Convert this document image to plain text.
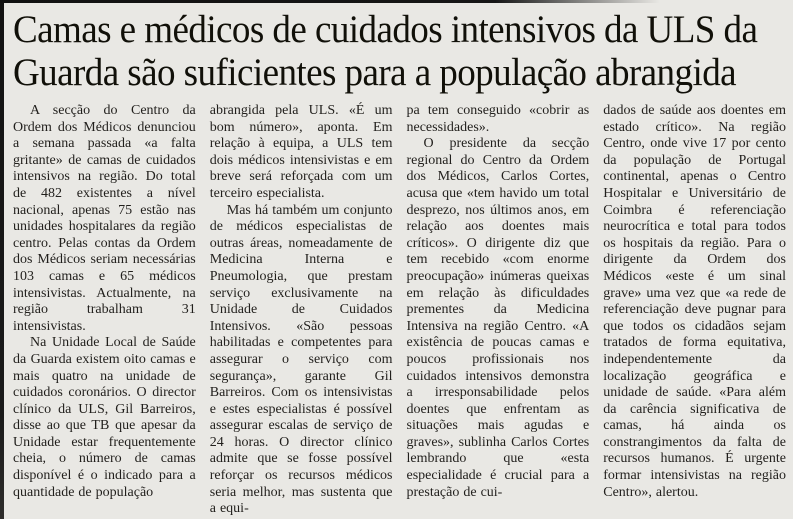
Camas e médicos de cuidados intensivos da ULS da
Guarda são suficientes para a população abrangida

A secção do Centro da Ordem dos Médicos denunciou a semana passada «a falta gritante» de camas de cuidados intensivos na região. Do total de 482 existentes a nível nacional, apenas 75 estão nas unidades hospitalares da região centro. Pelas contas da Ordem dos Médicos seriam necessárias 103 camas e 65 médicos intensivistas. Actualmente, na região trabalham 31 intensivistas.

Na Unidade Local de Saúde da Guarda existem oito camas e mais quatro na unidade de cuidados coronários. O director clínico da ULS, Gil Barreiros, disse ao que TB que apesar da Unidade estar frequentemente cheia, o número de camas disponível é o indicado para a quantidade de população

abrangida pela ULS. «É um bom número», aponta. Em relação à equipa, a ULS tem dois médicos intensivistas e em breve será reforçada com um terceiro especialista.

Mas há também um conjunto de médicos especialistas de outras áreas, nomeadamente de Medicina Interna e Pneumologia, que prestam serviço exclusivamente na Unidade de Cuidados Intensivos. «São pessoas habilitadas e competentes para assegurar o serviço com segurança», garante Gil Barreiros. Com os intensivistas e estes especialistas é possível assegurar escalas de serviço de 24 horas. O director clínico admite que se fosse possível reforçar os recursos médicos seria melhor, mas sustenta que a equi-

pa tem conseguido «cobrir as necessidades».

O presidente da secção regional do Centro da Ordem dos Médicos, Carlos Cortes, acusa que «tem havido um total desprezo, nos últimos anos, em relação aos doentes mais críticos». O dirigente diz que tem recebido «com enorme preocupação» inúmeras queixas em relação às dificuldades prementes da Medicina Intensiva na região Centro. «A existência de poucas camas e poucos profissionais nos cuidados intensivos demonstra a irresponsabilidade pelos doentes que enfrentam as situações mais agudas e graves», sublinha Carlos Cortes lembrando que «esta especialidade é crucial para a prestação de cui-

dados de saúde aos doentes em estado crítico». Na região Centro, onde vive 17 por cento da população de Portugal continental, apenas o Centro Hospitalar e Universitário de Coimbra é referenciação neurocrítica e total para todos os hospitais da região. Para o dirigente da Ordem dos Médicos «este é um sinal grave» uma vez que «a rede de referenciação deve pugnar para que todos os cidadãos sejam tratados de forma equitativa, independentemente da localização geográfica e unidade de saúde. «Para além da carência significativa de camas, há ainda os constrangimentos da falta de recursos humanos. É urgente formar intensivistas na região Centro», alertou.
